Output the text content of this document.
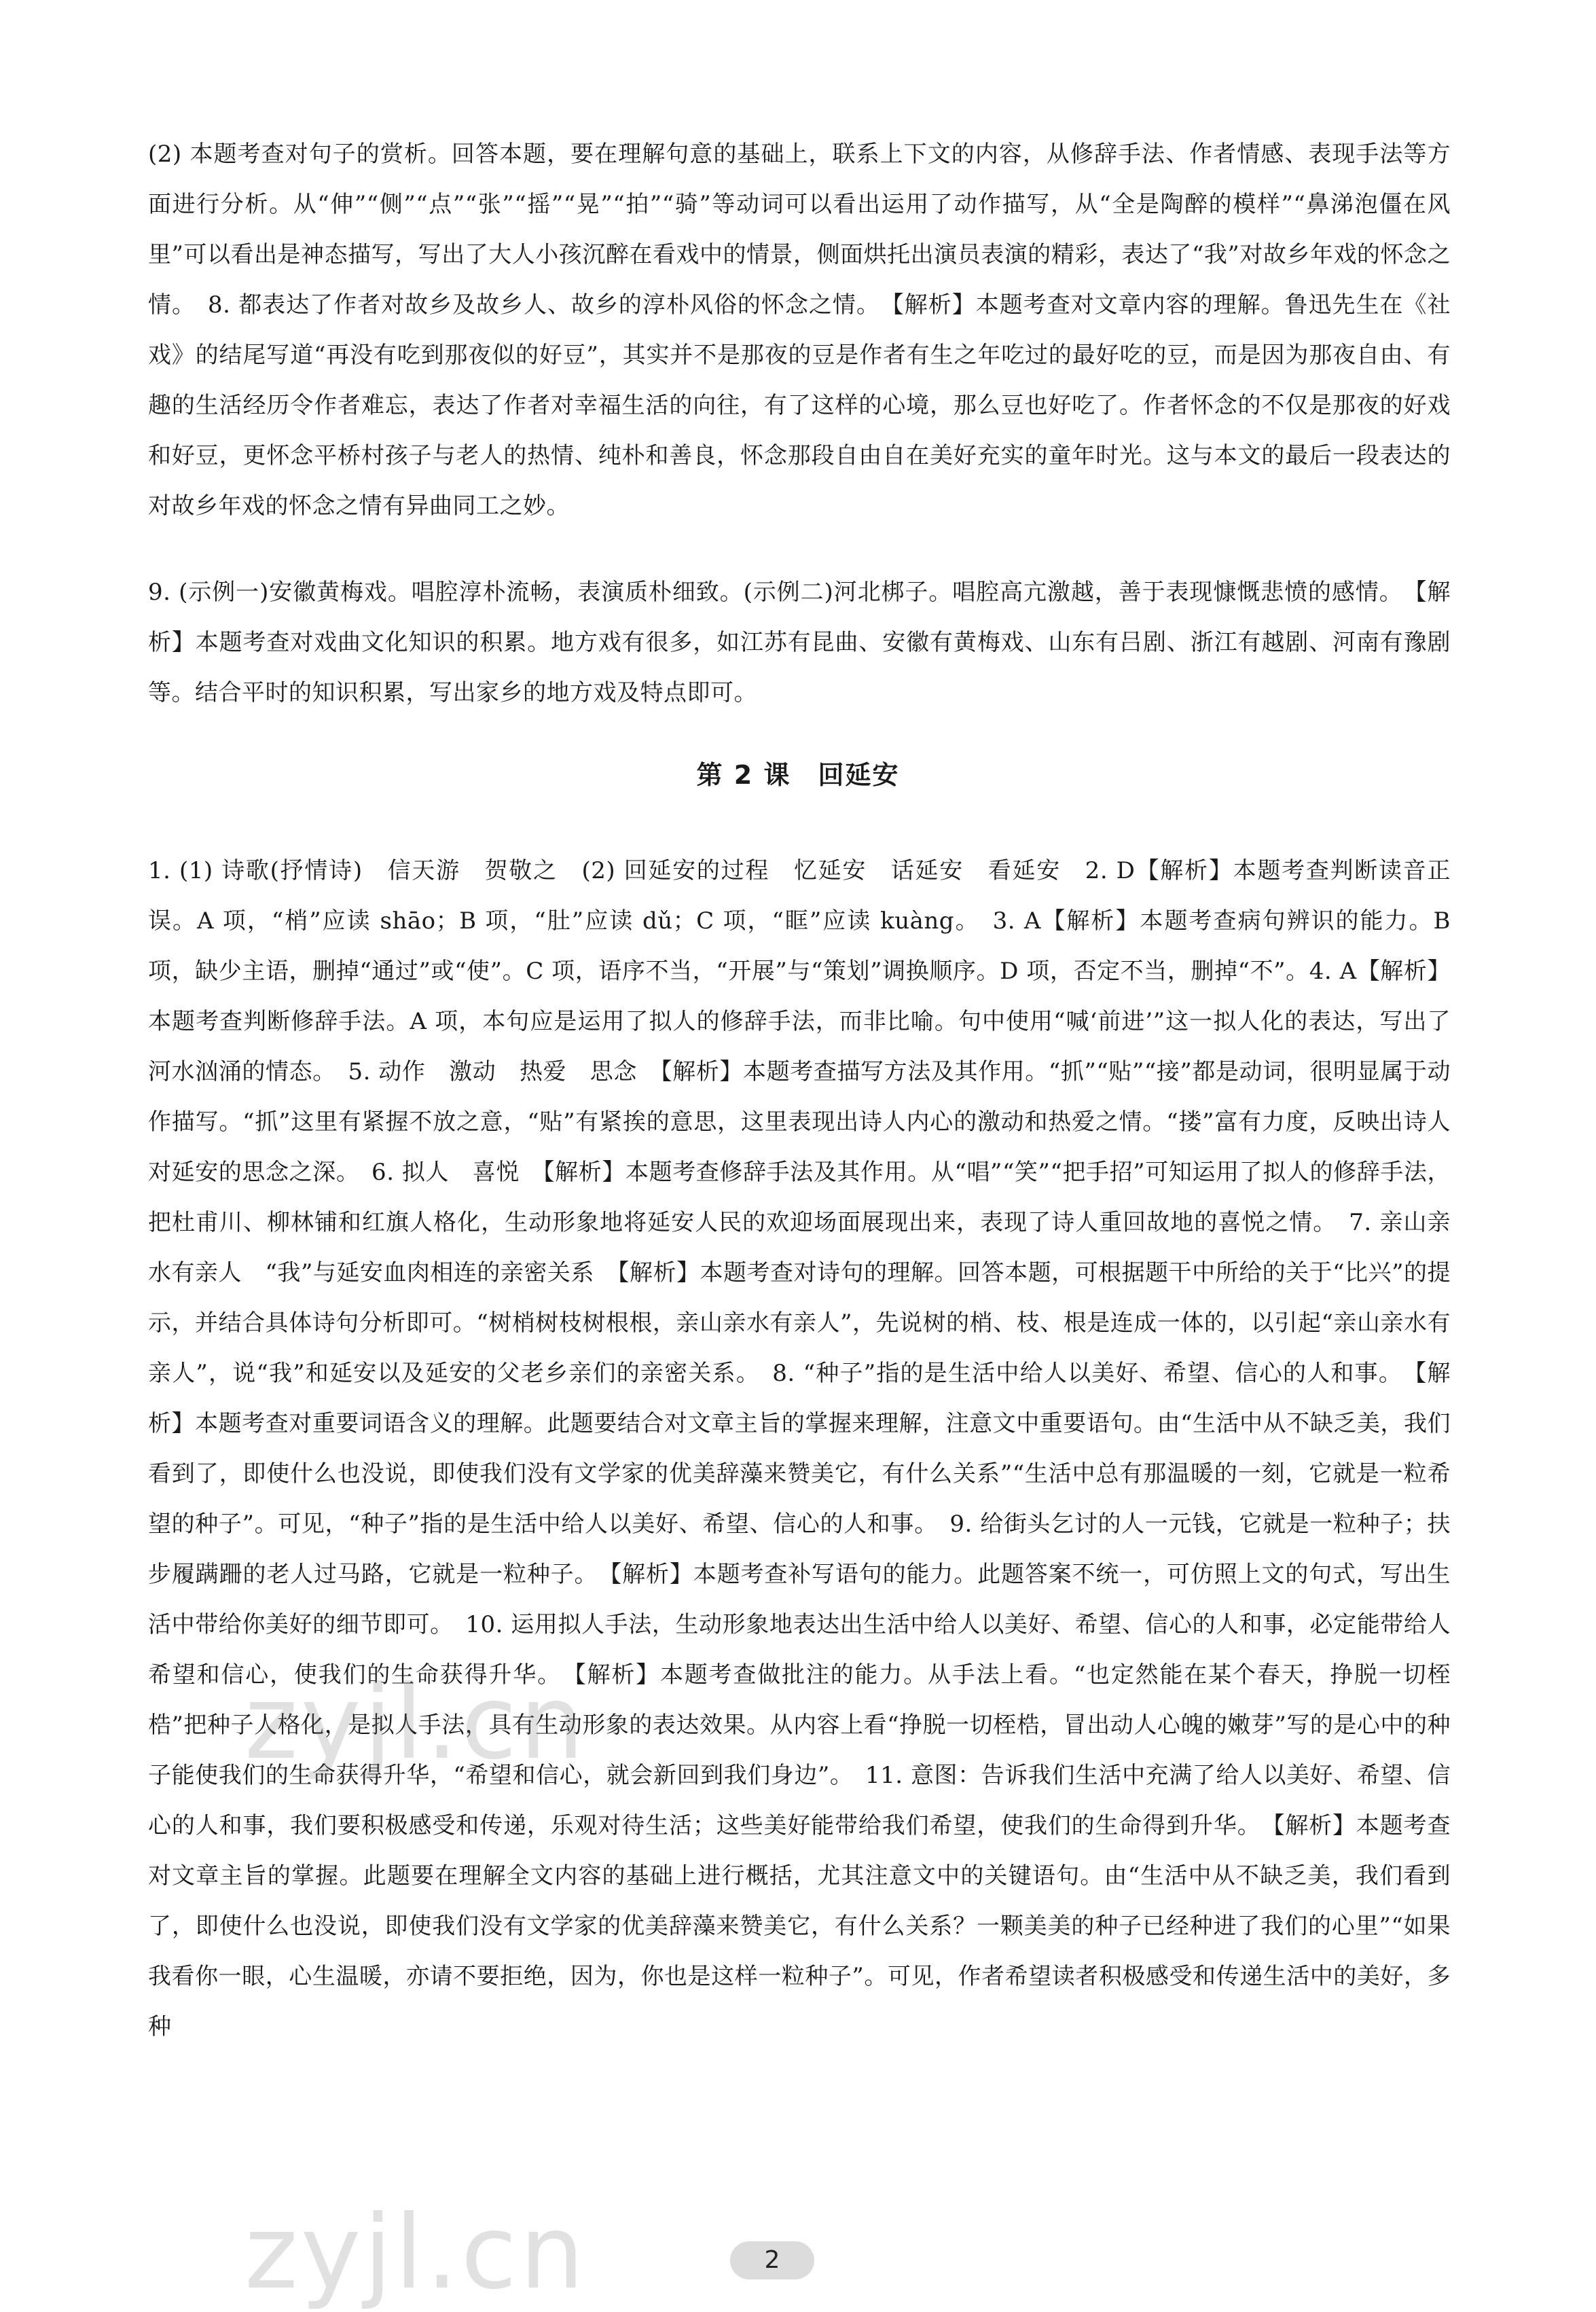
(2) 本题考查对句子的赏析。回答本题，要在理解句意的基础上，联系上下文的内容，从修辞手法、作者情感、表现手法等方面进行分析。从“伸”“侧”“点”“张”“摇”“晃”“拍”“骑”等动词可以看出运用了动作描写，从“全是陶醉的模样”“鼻涕泡僵在风里”可以看出是神态描写，写出了大人小孩沉醉在看戏中的情景，侧面烘托出演员表演的精彩，表达了“我”对故乡年戏的怀念之情。　8. 都表达了作者对故乡及故乡人、故乡的淳朴风俗的怀念之情。　【解析】本题考查对文章内容的理解。鲁迅先生在《社戏》的结尾写道“再没有吃到那夜似的好豆”，其实并不是那夜的豆是作者有生之年吃过的最好吃的豆，而是因为那夜自由、有趣的生活经历令作者难忘，表达了作者对幸福生活的向往，有了这样的心境，那么豆也好吃了。作者怀念的不仅是那夜的好戏和好豆，更怀念平桥村孩子与老人的热情、纯朴和善良，怀念那段自由自在美好充实的童年时光。这与本文的最后一段表达的对故乡年戏的怀念之情有异曲同工之妙。

9. (示例一)安徽黄梅戏。唱腔淳朴流畅，表演质朴细致。(示例二)河北梆子。唱腔高亢激越，善于表现慷慨悲愤的感情。　【解析】本题考查对戏曲文化知识的积累。地方戏有很多，如江苏有昆曲、安徽有黄梅戏、山东有吕剧、浙江有越剧、河南有豫剧等。结合平时的知识积累，写出家乡的地方戏及特点即可。

第 2 课　回延安

1. (1) 诗歌(抒情诗)　信天游　贺敬之　(2) 回延安的过程　忆延安　话延安　看延安　2. D【解析】本题考查判断读音正误。A 项，“梢”应读 shāo；B 项，“肚”应读 dǔ；C 项，“眶”应读 kuàng。　3. A【解析】本题考查病句辨识的能力。B 项，缺少主语，删掉“通过”或“使”。C 项，语序不当，“开展”与“策划”调换顺序。D 项，否定不当，删掉“不”。4. A【解析】本题考查判断修辞手法。A 项，本句应是运用了拟人的修辞手法，而非比喻。句中使用“喊‘前进’”这一拟人化的表达，写出了河水汹涌的情态。　5. 动作　激动　热爱　思念　【解析】本题考查描写方法及其作用。“抓”“贴”“接”都是动词，很明显属于动作描写。“抓”这里有紧握不放之意，“贴”有紧挨的意思，这里表现出诗人内心的激动和热爱之情。“搂”富有力度，反映出诗人对延安的思念之深。　6. 拟人　喜悦　【解析】本题考查修辞手法及其作用。从“唱”“笑”“把手招”可知运用了拟人的修辞手法，把杜甫川、柳林铺和红旗人格化，生动形象地将延安人民的欢迎场面展现出来，表现了诗人重回故地的喜悦之情。　7. 亲山亲水有亲人　“我”与延安血肉相连的亲密关系　【解析】本题考查对诗句的理解。回答本题，可根据题干中所给的关于“比兴”的提示，并结合具体诗句分析即可。“树梢树枝树根根，亲山亲水有亲人”，先说树的梢、枝、根是连成一体的，以引起“亲山亲水有亲人”，说“我”和延安以及延安的父老乡亲们的亲密关系。　8. “种子”指的是生活中给人以美好、希望、信心的人和事。　【解析】本题考查对重要词语含义的理解。此题要结合对文章主旨的掌握来理解，注意文中重要语句。由“生活中从不缺乏美，我们看到了，即使什么也没说，即使我们没有文学家的优美辞藻来赞美它，有什么关系”“生活中总有那温暖的一刻，它就是一粒希望的种子”。可见，“种子”指的是生活中给人以美好、希望、信心的人和事。　9. 给街头乞讨的人一元钱，它就是一粒种子；扶步履蹒跚的老人过马路，它就是一粒种子。　【解析】本题考查补写语句的能力。此题答案不统一，可仿照上文的句式，写出生活中带给你美好的细节即可。　10. 运用拟人手法，生动形象地表达出生活中给人以美好、希望、信心的人和事，必定能带给人希望和信心，使我们的生命获得升华。　【解析】本题考查做批注的能力。从手法上看。“也定然能在某个春天，挣脱一切桎梏”把种子人格化，是拟人手法，具有生动形象的表达效果。从内容上看“挣脱一切桎梏，冒出动人心魄的嫩芽”写的是心中的种子能使我们的生命获得升华，“希望和信心，就会新回到我们身边”。　11. 意图：告诉我们生活中充满了给人以美好、希望、信心的人和事，我们要积极感受和传递，乐观对待生活；这些美好能带给我们希望，使我们的生命得到升华。　【解析】本题考查对文章主旨的掌握。此题要在理解全文内容的基础上进行概括，尤其注意文中的关键语句。由“生活中从不缺乏美，我们看到了，即使什么也没说，即使我们没有文学家的优美辞藻来赞美它，有什么关系？一颗美美的种子已经种进了我们的心里”“如果我看你一眼，心生温暖，亦请不要拒绝，因为，你也是这样一粒种子”。可见，作者希望读者积极感受和传递生活中的美好，多种

zyjl.cn
zyjl.cn	2
